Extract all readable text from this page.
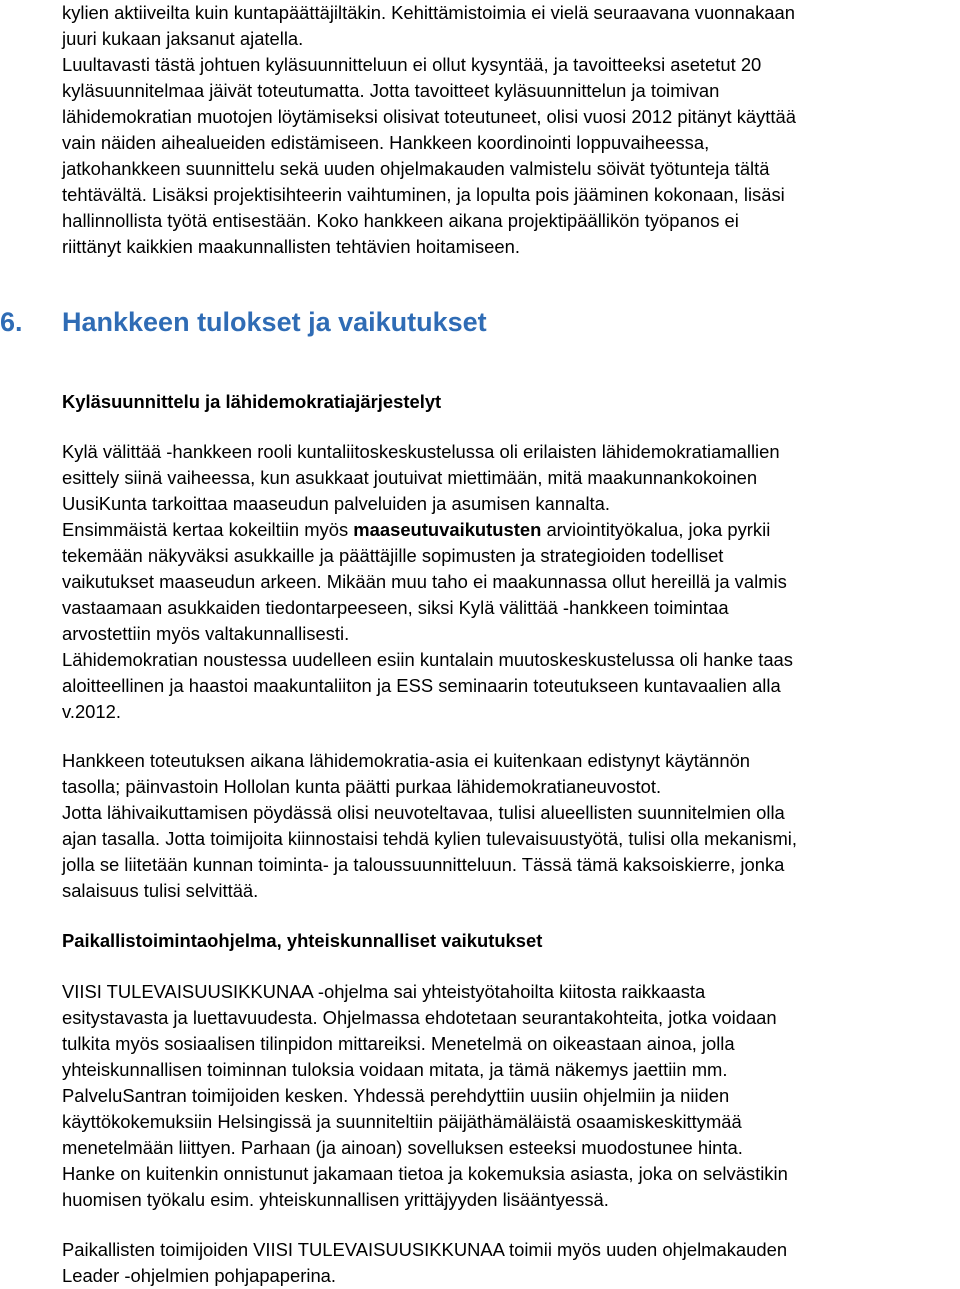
kylien aktiiveilta kuin kuntapäättäjiltäkin. Kehittämistoimia ei vielä seuraavana vuonnakaan
juuri kukaan jaksanut ajatella.
Luultavasti tästä johtuen kyläsuunnitteluun ei ollut kysyntää, ja tavoitteeksi asetetut 20
kyläsuunnitelmaa jäivät toteutumatta. Jotta tavoitteet kyläsuunnittelun ja toimivan
lähidemokratian muotojen löytämiseksi olisivat toteutuneet, olisi vuosi 2012 pitänyt käyttää
vain näiden aihealueiden edistämiseen. Hankkeen koordinointi loppuvaiheessa,
jatkohankkeen suunnittelu sekä uuden ohjelmakauden valmistelu söivät työtunteja tältä
tehtävältä. Lisäksi projektisihteerin vaihtuminen, ja lopulta pois jääminen kokonaan, lisäsi
hallinnollista työtä entisestään. Koko hankkeen aikana projektipäällikön työpanos ei
riittänyt kaikkien maakunnallisten tehtävien hoitamiseen.

6. Hankkeen tulokset ja vaikutukset
Kyläsuunnittelu ja lähidemokratiajärjestelyt

Kylä välittää -hankkeen rooli kuntaliitoskeskustelussa oli erilaisten lähidemokratiamallien
esittely siinä vaiheessa, kun asukkaat joutuivat miettimään, mitä maakunnankokoinen
UusiKunta tarkoittaa maaseudun palveluiden ja asumisen kannalta.
Ensimmäistä kertaa kokeiltiin myös maaseutuvaikutusten arviointityökalua, joka pyrkii
tekemään näkyväksi asukkaille ja päättäjille sopimusten ja strategioiden todelliset
vaikutukset maaseudun arkeen. Mikään muu taho ei maakunnassa ollut hereillä ja valmis
vastaamaan asukkaiden tiedontarpeeseen, siksi Kylä välittää -hankkeen toimintaa
arvostettiin myös valtakunnallisesti.
Lähidemokratian noustessa uudelleen esiin kuntalain muutoskeskustelussa oli hanke taas
aloitteellinen ja haastoi maakuntaliiton ja ESS seminaarin toteutukseen kuntavaalien alla
v.2012.

Hankkeen toteutuksen aikana lähidemokratia-asia ei kuitenkaan edistynyt käytännön
tasolla; päinvastoin Hollolan kunta päätti purkaa lähidemokratianeuvostot.
Jotta lähivaikuttamisen pöydässä olisi neuvoteltavaa, tulisi alueellisten suunnitelmien olla
ajan tasalla. Jotta toimijoita kiinnostaisi tehdä kylien tulevaisuustyötä, tulisi olla mekanismi,
jolla se liitetään kunnan toiminta- ja taloussuunnitteluun. Tässä tämä kaksoiskierre, jonka
salaisuus tulisi selvittää.

Paikallistoimintaohjelma, yhteiskunnalliset vaikutukset

VIISI TULEVAISUUSIKKUNAA -ohjelma sai yhteistyötahoilta kiitosta raikkaasta
esitystavasta ja luettavuudesta. Ohjelmassa ehdotetaan seurantakohteita, jotka voidaan
tulkita myös sosiaalisen tilinpidon mittareiksi. Menetelmä on oikeastaan ainoa, jolla
yhteiskunnallisen toiminnan tuloksia voidaan mitata, ja tämä näkemys jaettiin mm.
PalveluSantran toimijoiden kesken. Yhdessä perehdyttiin uusiin ohjelmiin ja niiden
käyttökokemuksiin Helsingissä ja suunniteltiin päijäthämäläistä osaamiskeskittymää
menetelmään liittyen. Parhaan (ja ainoan) sovelluksen esteeksi muodostunee hinta.
Hanke on kuitenkin onnistunut jakamaan tietoa ja kokemuksia asiasta, joka on selvästikin
huomisen työkalu esim. yhteiskunnallisen yrittäjyyden lisääntyessä.

Paikallisten toimijoiden VIISI TULEVAISUUSIKKUNAA toimii myös uuden ohjelmakauden
Leader -ohjelmien pohjapaperina.
